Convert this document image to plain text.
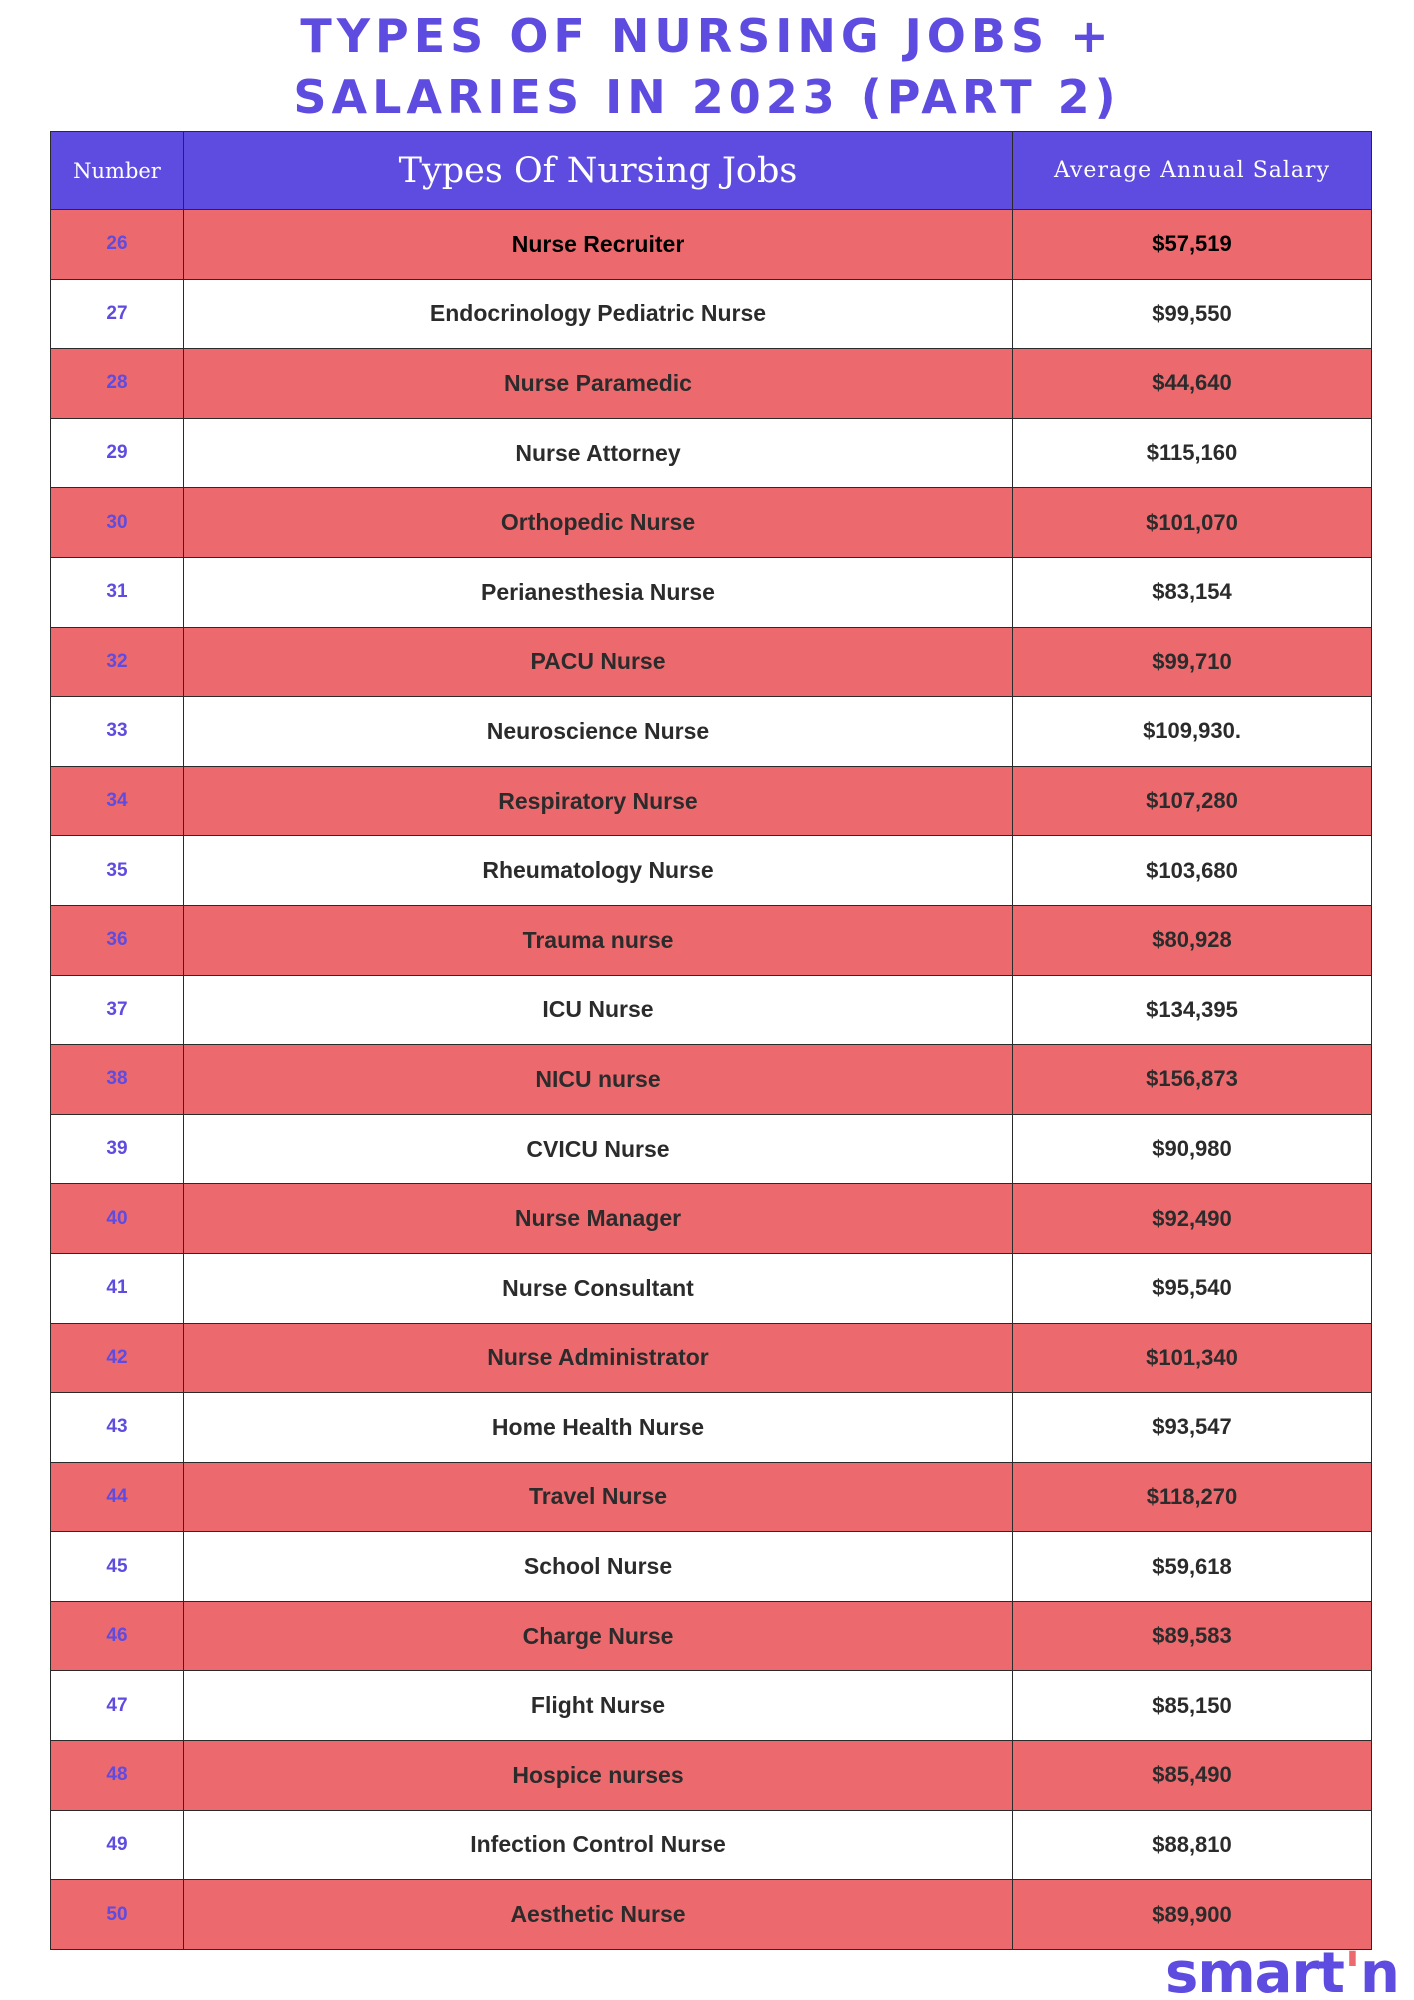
TYPES OF NURSING JOBS +
SALARIES IN 2023 (PART 2)
Number	Types Of Nursing Jobs	Average Annual Salary
26	Nurse Recruiter	$57,519
27	Endocrinology Pediatric Nurse	$99,550
28	Nurse Paramedic	$44,640
29	Nurse Attorney	$115,160
30	Orthopedic Nurse	$101,070
31	Perianesthesia Nurse	$83,154
32	PACU Nurse	$99,710
33	Neuroscience Nurse	$109,930.
34	Respiratory Nurse	$107,280
35	Rheumatology Nurse	$103,680
36	Trauma nurse	$80,928
37	ICU Nurse	$134,395
38	NICU nurse	$156,873
39	CVICU Nurse	$90,980
40	Nurse Manager	$92,490
41	Nurse Consultant	$95,540
42	Nurse Administrator	$101,340
43	Home Health Nurse	$93,547
44	Travel Nurse	$118,270
45	School Nurse	$59,618
46	Charge Nurse	$89,583
47	Flight Nurse	$85,150
48	Hospice nurses	$85,490
49	Infection Control Nurse	$88,810
50	Aesthetic Nurse	$89,900
smart'n
